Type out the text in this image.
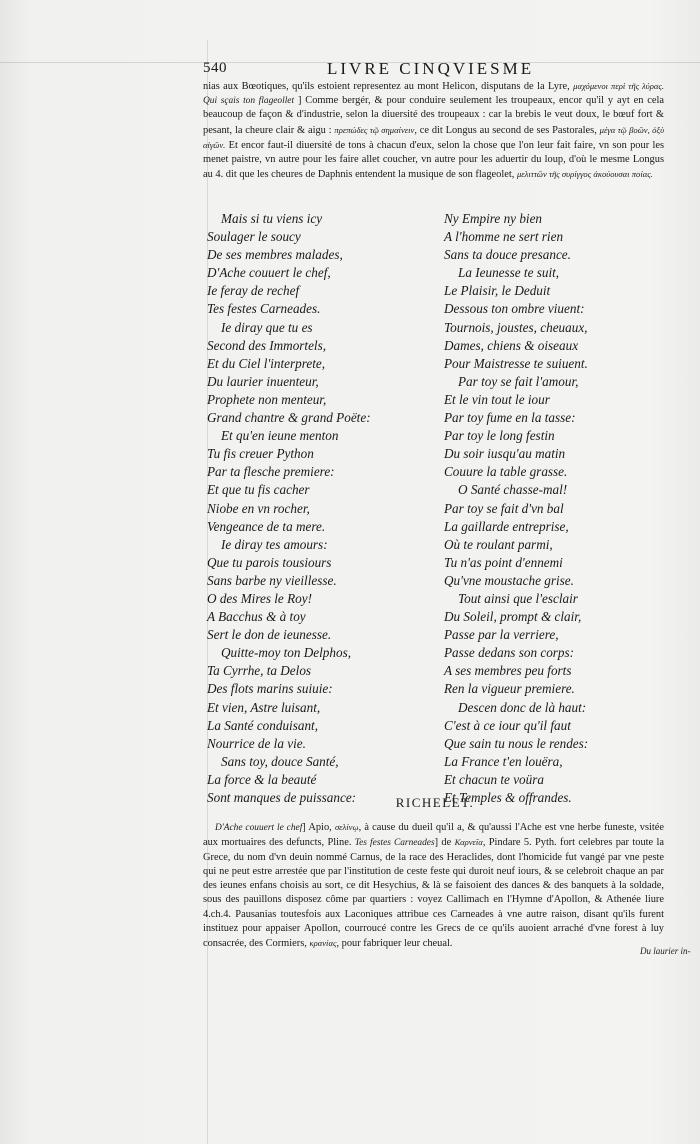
540	LIVRE CINQVIESME

nias aux Bœotiques, qu'ils estoient representez au mont Helicon, disputans de la Lyre, μαχόμενοι περὶ τῆς λύρας. Qui sçais ton flageollet ] Comme bergér, & pour conduire seulement les troupeaux, encor qu'il y ayt en cela beaucoup de façon & d'industrie, selon la diuersité des troupeaux : car la brebis le veut doux, le bœuf fort & pesant, la cheure clair & aigu : πρεπώδες τῷ σημαίνειν, ce dit Longus au second de ses Pastorales, μέγα τῷ βοῶν, ὀξὺ αἰγῶν. Et encor faut-il diuersité de tons à chacun d'eux, selon la chose que l'on leur fait faire, vn son pour les menet paistre, vn autre pour les faire allet coucher, vn autre pour les aduertir du loup, d'où le mesme Longus au 4. dit que les cheures de Daphnis entendent la musique de son flageolet, μελιττῶν τῆς συρίγγος ἀκούουσαι ποίας.

Mais si tu viens icy
Soulager le soucy
De ses membres malades,
D'Ache couuert le chef,
Ie feray de rechef
Tes festes Carneades.
Ie diray que tu es
Second des Immortels,
Et du Ciel l'interprete,
Du laurier inuenteur,
Prophete non menteur,
Grand chantre & grand Poëte:
Et qu'en ieune menton
Tu fis creuer Python
Par ta flesche premiere:
Et que tu fis cacher
Niobe en vn rocher,
Vengeance de ta mere.
Ie diray tes amours:
Que tu parois tousiours
Sans barbe ny vieillesse.
O des Mires le Roy!
A Bacchus & à toy
Sert le don de ieunesse.
Quitte-moy ton Delphos,
Ta Cyrrhe, ta Delos
Des flots marins suiuie:
Et vien, Astre luisant,
La Santé conduisant,
Nourrice de la vie.
Sans toy, douce Santé,
La force & la beauté
Sont manques de puissance:
Ny Empire ny bien
A l'homme ne sert rien
Sans ta douce presance.
La Ieunesse te suit,
Le Plaisir, le Deduit
Dessous ton ombre viuent:
Tournois, joustes, cheuaux,
Dames, chiens & oiseaux
Pour Maistresse te suiuent.
Par toy se fait l'amour,
Et le vin tout le iour
Par toy fume en la tasse:
Par toy le long festin
Du soir iusqu'au matin
Couure la table grasse.
O Santé chasse-mal!
Par toy se fait d'vn bal
La gaillarde entreprise,
Où te roulant parmi,
Tu n'as point d'ennemi
Qu'vne moustache grise.
Tout ainsi que l'esclair
Du Soleil, prompt & clair,
Passe par la verriere,
Passe dedans son corps:
A ses membres peu forts
Ren la vigueur premiere.
Descen donc de là haut:
C'est à ce iour qu'il faut
Que sain tu nous le rendes:
La France t'en louëra,
Et chacun te voüra
Et Temples & offrandes.
RICHELET.

D'Ache couuert le chef] Apio, σελίνῳ, à cause du dueil qu'il a, & qu'aussi l'Ache est vne herbe funeste, vsitée aux mortuaires des defuncts, Pline. Tes festes Carneades] de Καρνεῖα, Pindare 5. Pyth. fort celebres par toute la Grece, du nom d'vn deuin nommé Carnus, de la race des Heraclides, dont l'homicide fut vangé par vne peste qui ne peut estre arrestée que par l'institution de ceste feste qui duroit neuf iours, & se celebroit chaque an par des ieunes enfans choisis au sort, ce dit Hesychius, & là se faisoient des dances & des banquets à la soldade, sous des pauillons disposez côme par quartiers : voyez Callimach en l'Hymne d'Apollon, & Athenée liure 4.ch.4. Pausanias toutesfois aux Laconiques attribue ces Carneades à vne autre raison, disant qu'ils furent instituez pour appaiser Apollon, courroucé contre les Grecs de ce qu'ils auoient arraché d'vne forest à luy consacrée, des Cormiers, κρανίας, pour fabriquer leur cheual.

Du laurier in-
